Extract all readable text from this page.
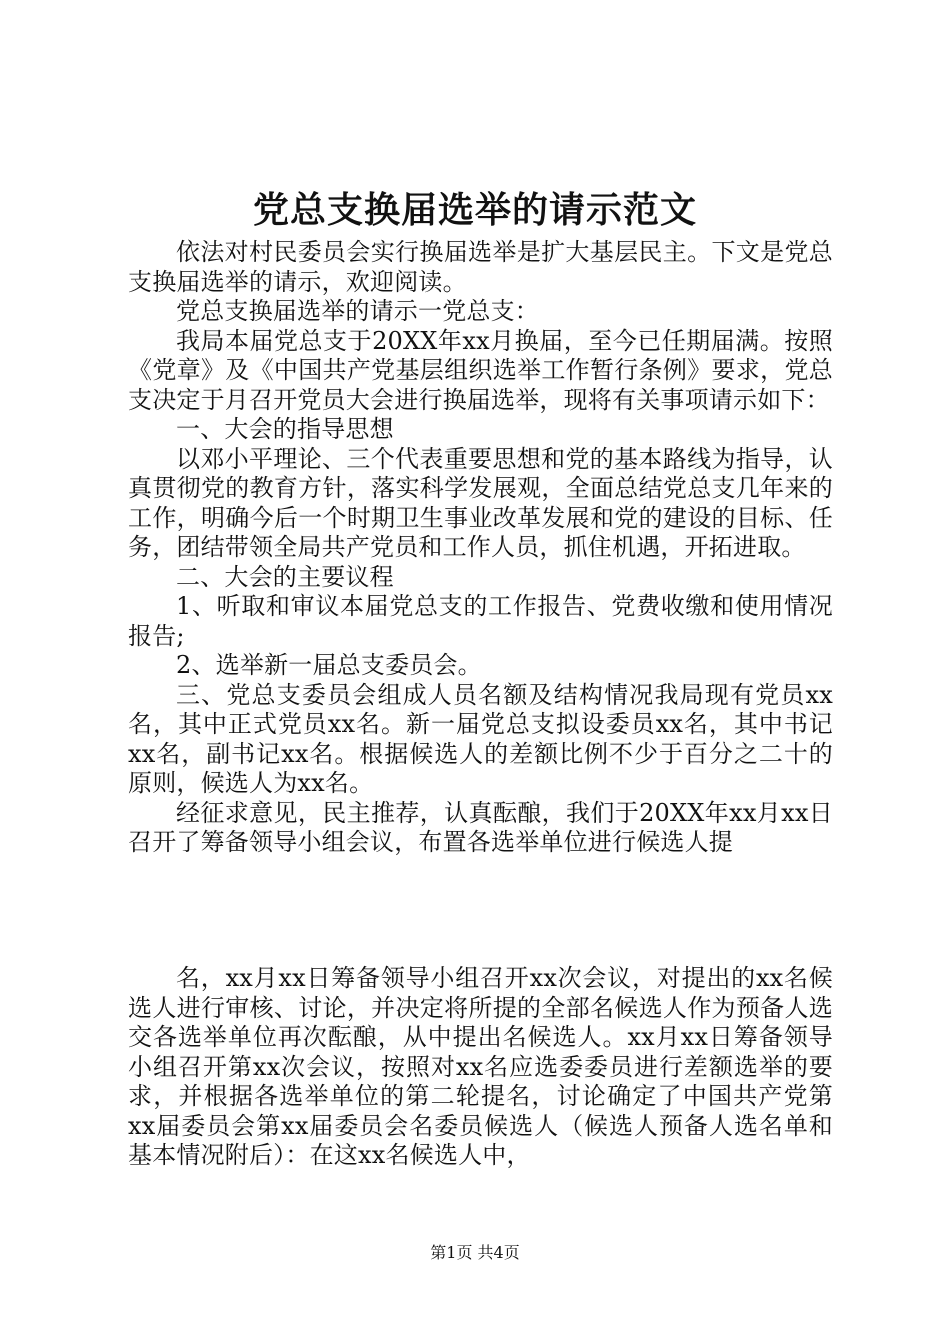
党总支换届选举的请示范文

依法对村民委员会实行换届选举是扩大基层民主。下文是党总支换届选举的请示，欢迎阅读。

党总支换届选举的请示一党总支：

我局本届党总支于20XX年xx月换届，至今已任期届满。按照《党章》及《中国共产党基层组织选举工作暂行条例》要求，党总支决定于月召开党员大会进行换届选举，现将有关事项请示如下：

一、大会的指导思想

以邓小平理论、三个代表重要思想和党的基本路线为指导，认真贯彻党的教育方针，落实科学发展观，全面总结党总支几年来的工作，明确今后一个时期卫生事业改革发展和党的建设的目标、任务，团结带领全局共产党员和工作人员，抓住机遇，开拓进取。

二、大会的主要议程

1、听取和审议本届党总支的工作报告、党费收缴和使用情况报告;

2、选举新一届总支委员会。

三、党总支委员会组成人员名额及结构情况我局现有党员xx名，其中正式党员xx名。新一届党总支拟设委员xx名，其中书记xx名，副书记xx名。根据候选人的差额比例不少于百分之二十的原则，候选人为xx名。

经征求意见，民主推荐，认真酝酿，我们于20XX年xx月xx日召开了筹备领导小组会议，布置各选举单位进行候选人提

名，xx月xx日筹备领导小组召开xx次会议，对提出的xx名候选人进行审核、讨论，并决定将所提的全部名候选人作为预备人选交各选举单位再次酝酿，从中提出名候选人。xx月xx日筹备领导小组召开第xx次会议，按照对xx名应选委委员进行差额选举的要求，并根据各选举单位的第二轮提名，讨论确定了中国共产党第xx届委员会第xx届委员会名委员候选人（候选人预备人选名单和基本情况附后）：在这xx名候选人中，

第1页 共4页
